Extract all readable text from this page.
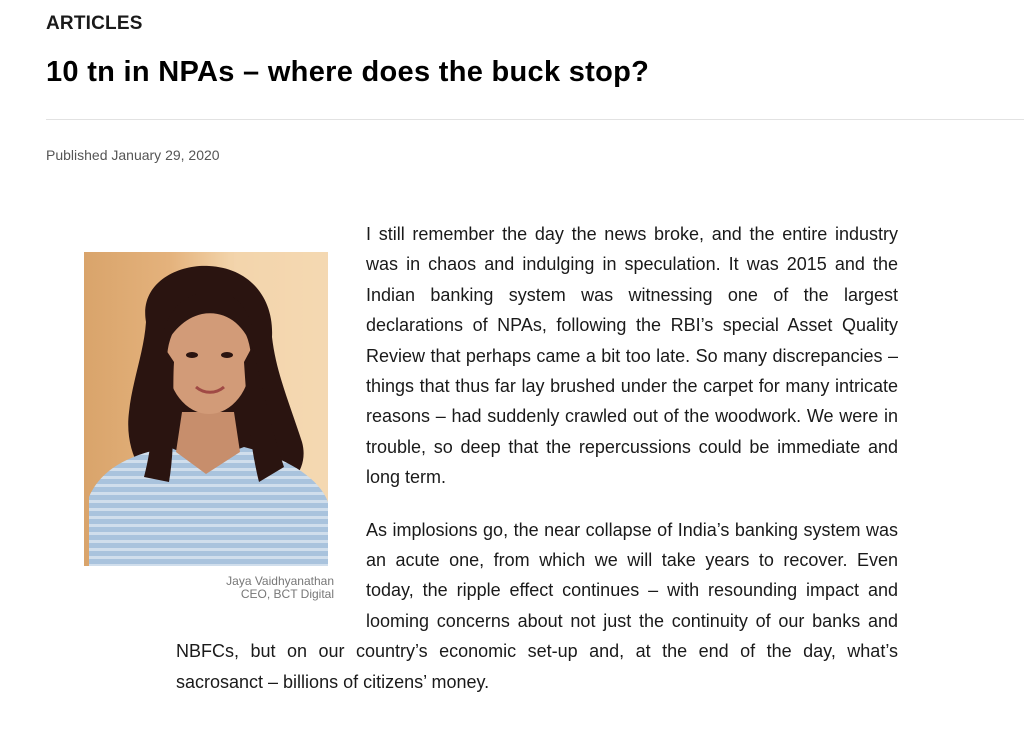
ARTICLES
10 tn in NPAs – where does the buck stop?
Published January 29, 2020
Jaya Vaidhyanathan
CEO, BCT Digital

I still remember the day the news broke, and the entire industry was in chaos and indulging in speculation. It was 2015 and the Indian banking system was witnessing one of the largest declarations of NPAs, following the RBI’s special Asset Quality Review that perhaps came a bit too late. So many discrepancies – things that thus far lay brushed under the carpet for many intricate reasons – had suddenly crawled out of the woodwork. We were in trouble, so deep that the repercussions could be immediate and long term.

As implosions go, the near collapse of India’s banking system was an acute one, from which we will take years to recover. Even today, the ripple effect continues – with resounding impact and looming concerns about not just the continuity of our banks and NBFCs, but on our country’s economic set-up and, at the end of the day, what’s sacrosanct – billions of citizens’ money.
